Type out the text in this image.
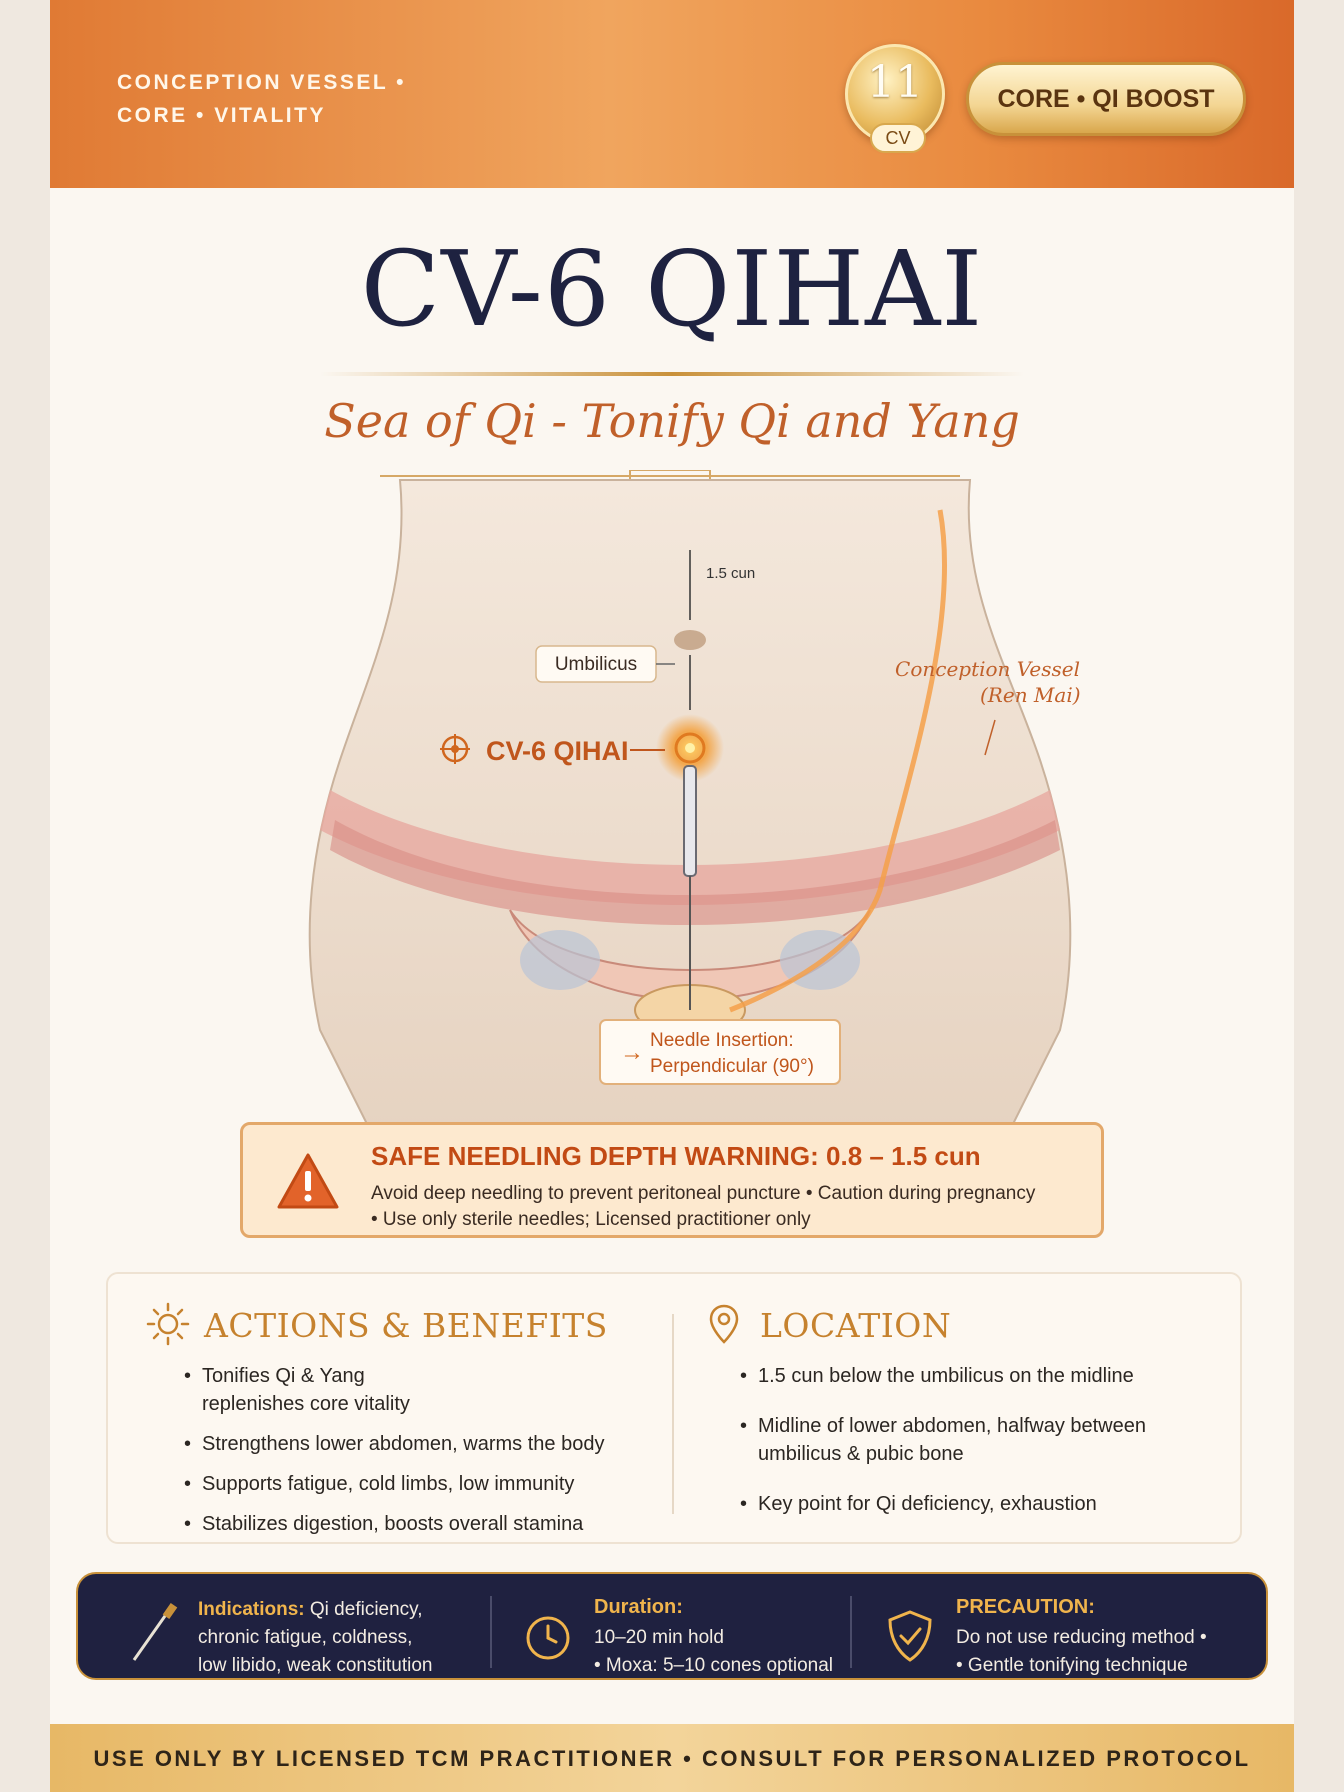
CONCEPTION VESSEL •
CORE • VITALITY
11
CV
CORE • QI BOOST
CV-6 QIHAI
Sea of Qi - Tonify Qi and Yang
1.5 cun
Umbilicus
CV-6 QIHAI
Conception Vessel
(Ren Mai)
→ Needle Insertion:
Perpendicular (90°)
SAFE NEEDLING DEPTH WARNING: 0.8 – 1.5 cun
Avoid deep needling to prevent peritoneal puncture • Caution during pregnancy
• Use only sterile needles; Licensed practitioner only
ACTIONS & BENEFITS
• Tonifies Qi & Yang
replenishes core vitality
• Strengthens lower abdomen, warms the body
• Supports fatigue, cold limbs, low immunity
• Stabilizes digestion, boosts overall stamina
LOCATION
• 1.5 cun below the umbilicus on the midline
• Midline of lower abdomen, halfway between
umbilicus & pubic bone
• Key point for Qi deficiency, exhaustion
Indications: Qi deficiency,
chronic fatigue, coldness,
low libido, weak constitution
Duration:
10–20 min hold
• Moxa: 5–10 cones optional
PRECAUTION:
Do not use reducing method •
• Gentle tonifying technique
USE ONLY BY LICENSED TCM PRACTITIONER • CONSULT FOR PERSONALIZED PROTOCOL
